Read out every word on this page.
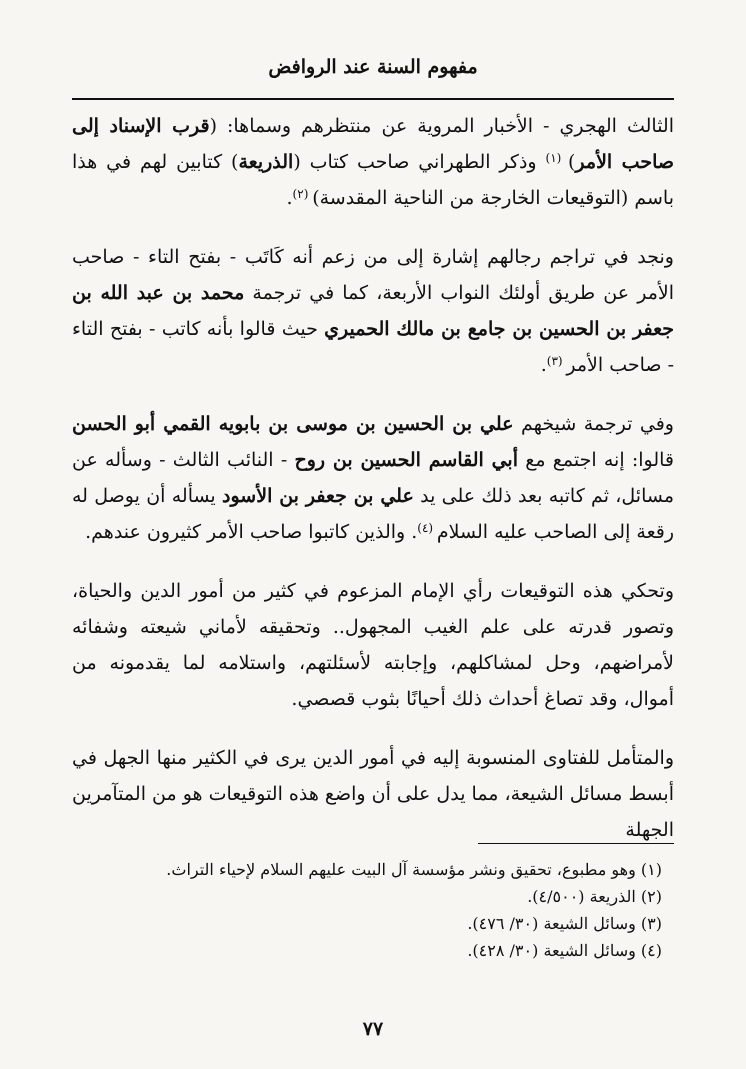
مفهوم السنة عند الروافض

الثالث الهجري - الأخبار المروية عن منتظرهم وسماها: (قرب الإسناد إلى صاحب الأمر) $^{(١)}$ وذكر الطهراني صاحب كتاب (الذريعة) كتابين لهم في هذا باسم (التوقيعات الخارجة من الناحية المقدسة) $^{(٢)}$.

ونجد في تراجم رجالهم إشارة إلى من زعم أنه كَاتَب - بفتح التاء - صاحب الأمر عن طريق أولئك النواب الأربعة، كما في ترجمة محمد بن عبد الله بن جعفر بن الحسين بن جامع بن مالك الحميري حيث قالوا بأنه كاتب - بفتح التاء - صاحب الأمر $^{(٣)}$.

وفي ترجمة شيخهم علي بن الحسين بن موسى بن بابويه القمي أبو الحسن قالوا: إنه اجتمع مع أبي القاسم الحسين بن روح - النائب الثالث - وسأله عن مسائل، ثم كاتبه بعد ذلك على يد علي بن جعفر بن الأسود يسأله أن يوصل له رقعة إلى الصاحب عليه السلام $^{(٤)}$. والذين كاتبوا صاحب الأمر كثيرون عندهم.

وتحكي هذه التوقيعات رأي الإمام المزعوم في كثير من أمور الدين والحياة، وتصور قدرته على علم الغيب المجهول.. وتحقيقه لأماني شيعته وشفائه لأمراضهم، وحل لمشاكلهم، وإجابته لأسئلتهم، واستلامه لما يقدمونه من أموال، وقد تصاغ أحداث ذلك أحيانًا بثوب قصصي.

والمتأمل للفتاوى المنسوبة إليه في أمور الدين يرى في الكثير منها الجهل في أبسط مسائل الشيعة، مما يدل على أن واضع هذه التوقيعات هو من المتآمرين الجهلة

(١) وهو مطبوع، تحقيق ونشر مؤسسة آل البيت عليهم السلام لإحياء التراث.
(٢) الذريعة (٤/٥٠٠).
(٣) وسائل الشيعة (٣٠/ ٤٧٦).
(٤) وسائل الشيعة (٣٠/ ٤٢٨).
٧٧
